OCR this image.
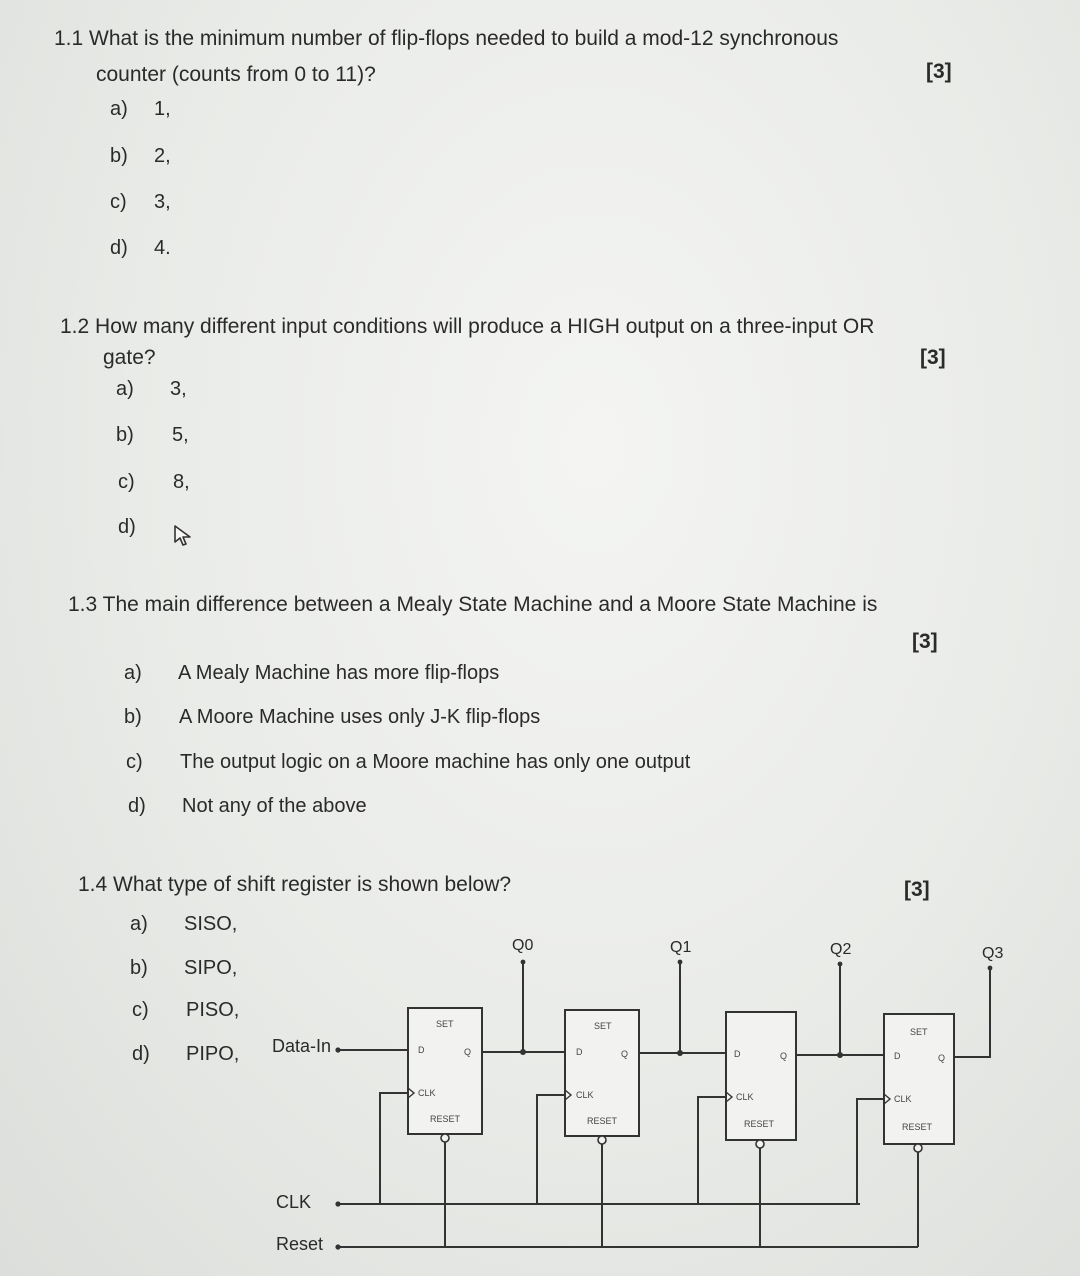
1.1 What is the minimum number of flip-flops needed to build a mod-12 synchronous
counter (counts from 0 to 11)?	[3]
a)	1,
b)	2,
c)	3,
d)	4.
1.2 How many different input conditions will produce a HIGH output on a three-input OR
gate?	[3]
a)	3,
b)	5,
c)	8,
d)
1.3 The main difference between a Mealy State Machine and a Moore State Machine is
[3]
a)	A Mealy Machine has more flip-flops
b)	A Moore Machine uses only J-K flip-flops
c)	The output logic on a Moore machine has only one output
d)	Not any of the above
1.4 What type of shift register is shown below?	[3]
a)	SISO,
b)	SIPO,
c)	PISO,
d)	PIPO, Data-In
CLK
Reset
Q0	Q1	Q2	Q3
SET
D	Q
CLK
RESET
SET
D	Q
CLK
RESET
D	Q
CLK
RESET
SET
D	Q
CLK
RESET
